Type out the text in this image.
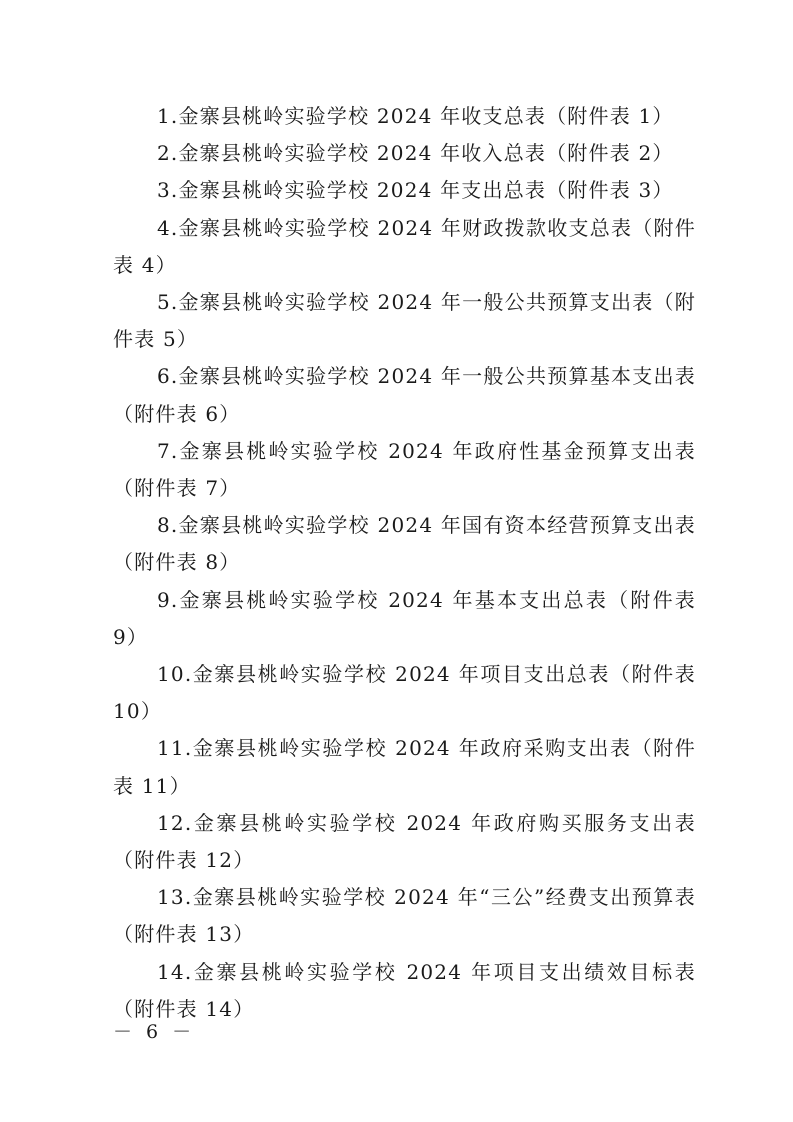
1.金寨县桃岭实验学校 2024 年收支总表（附件表 1）
2.金寨县桃岭实验学校 2024 年收入总表（附件表 2）
3.金寨县桃岭实验学校 2024 年支出总表（附件表 3）
4.金寨县桃岭实验学校 2024 年财政拨款收支总表（附件表 4）
5.金寨县桃岭实验学校 2024 年一般公共预算支出表（附件表 5）
6.金寨县桃岭实验学校 2024 年一般公共预算基本支出表（附件表 6）
7.金寨县桃岭实验学校 2024 年政府性基金预算支出表（附件表 7）
8.金寨县桃岭实验学校 2024 年国有资本经营预算支出表（附件表 8）
9.金寨县桃岭实验学校 2024 年基本支出总表（附件表 9）
10.金寨县桃岭实验学校 2024 年项目支出总表（附件表 10）
11.金寨县桃岭实验学校 2024 年政府采购支出表（附件表 11）
12.金寨县桃岭实验学校 2024 年政府购买服务支出表（附件表 12）
13.金寨县桃岭实验学校 2024 年“三公”经费支出预算表（附件表 13）
14.金寨县桃岭实验学校 2024 年项目支出绩效目标表（附件表 14）
－ 6 －
